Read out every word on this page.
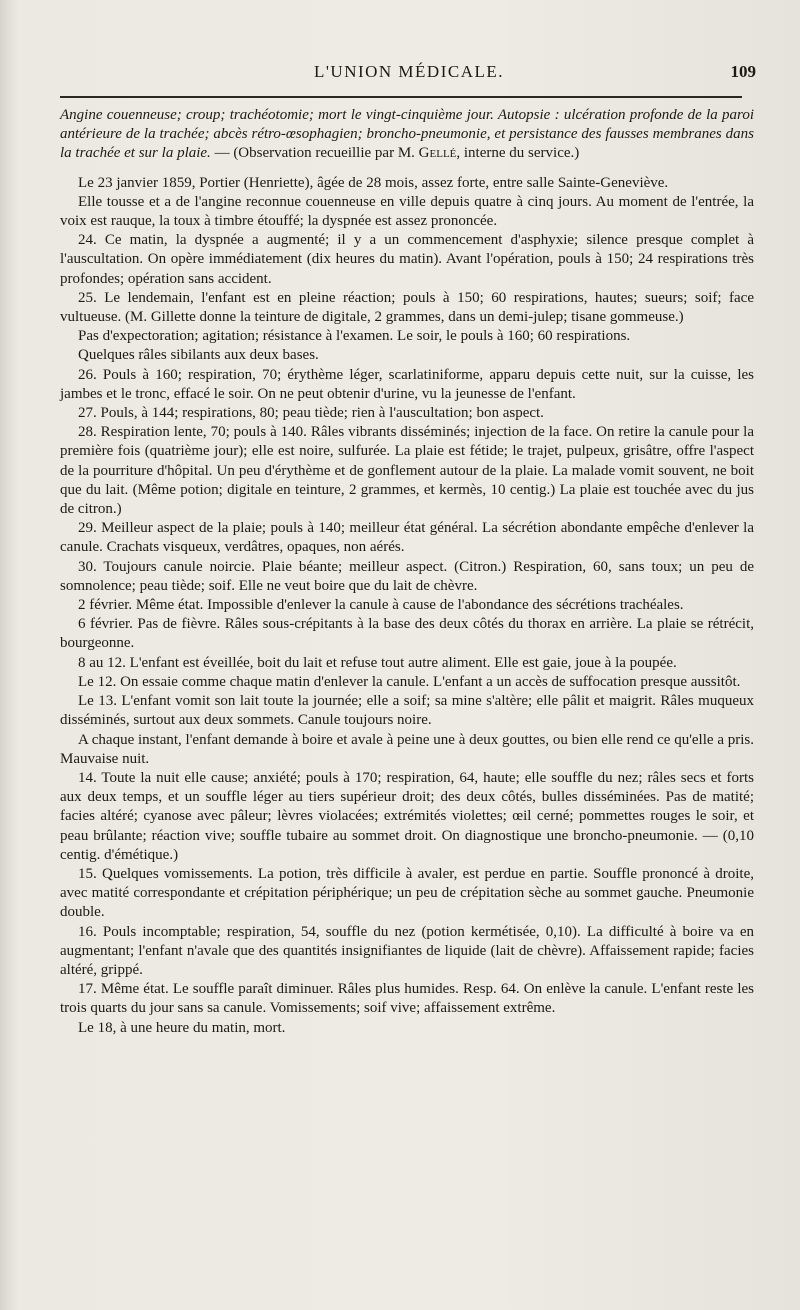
L'UNION MÉDICALE.	109

Angine couenneuse; croup; trachéotomie; mort le vingt-cinquième jour. Autopsie : ulcération profonde de la paroi antérieure de la trachée; abcès rétro-œsophagien; broncho-pneumonie, et persistance des fausses membranes dans la trachée et sur la plaie. — (Observation recueillie par M. Gellé, interne du service.)

Le 23 janvier 1859, Portier (Henriette), âgée de 28 mois, assez forte, entre salle Sainte-Geneviève.

Elle tousse et a de l'angine reconnue couenneuse en ville depuis quatre à cinq jours. Au moment de l'entrée, la voix est rauque, la toux à timbre étouffé; la dyspnée est assez prononcée.

24. Ce matin, la dyspnée a augmenté; il y a un commencement d'asphyxie; silence presque complet à l'auscultation. On opère immédiatement (dix heures du matin). Avant l'opération, pouls à 150; 24 respirations très profondes; opération sans accident.

25. Le lendemain, l'enfant est en pleine réaction; pouls à 150; 60 respirations, hautes; sueurs; soif; face vultueuse. (M. Gillette donne la teinture de digitale, 2 grammes, dans un demi-julep; tisane gommeuse.)

Pas d'expectoration; agitation; résistance à l'examen. Le soir, le pouls à 160; 60 respirations.

Quelques râles sibilants aux deux bases.

26. Pouls à 160; respiration, 70; érythème léger, scarlatiniforme, apparu depuis cette nuit, sur la cuisse, les jambes et le tronc, effacé le soir. On ne peut obtenir d'urine, vu la jeunesse de l'enfant.

27. Pouls, à 144; respirations, 80; peau tiède; rien à l'auscultation; bon aspect.

28. Respiration lente, 70; pouls à 140. Râles vibrants disséminés; injection de la face. On retire la canule pour la première fois (quatrième jour); elle est noire, sulfurée. La plaie est fétide; le trajet, pulpeux, grisâtre, offre l'aspect de la pourriture d'hôpital. Un peu d'érythème et de gonflement autour de la plaie. La malade vomit souvent, ne boit que du lait. (Même potion; digitale en teinture, 2 grammes, et kermès, 10 centig.) La plaie est touchée avec du jus de citron.)

29. Meilleur aspect de la plaie; pouls à 140; meilleur état général. La sécrétion abondante empêche d'enlever la canule. Crachats visqueux, verdâtres, opaques, non aérés.

30. Toujours canule noircie. Plaie béante; meilleur aspect. (Citron.) Respiration, 60, sans toux; un peu de somnolence; peau tiède; soif. Elle ne veut boire que du lait de chèvre.

2 février. Même état. Impossible d'enlever la canule à cause de l'abondance des sécrétions trachéales.

6 février. Pas de fièvre. Râles sous-crépitants à la base des deux côtés du thorax en arrière. La plaie se rétrécit, bourgeonne.

8 au 12. L'enfant est éveillée, boit du lait et refuse tout autre aliment. Elle est gaie, joue à la poupée.

Le 12. On essaie comme chaque matin d'enlever la canule. L'enfant a un accès de suffocation presque aussitôt.

Le 13. L'enfant vomit son lait toute la journée; elle a soif; sa mine s'altère; elle pâlit et maigrit. Râles muqueux disséminés, surtout aux deux sommets. Canule toujours noire.

A chaque instant, l'enfant demande à boire et avale à peine une à deux gouttes, ou bien elle rend ce qu'elle a pris. Mauvaise nuit.

14. Toute la nuit elle cause; anxiété; pouls à 170; respiration, 64, haute; elle souffle du nez; râles secs et forts aux deux temps, et un souffle léger au tiers supérieur droit; des deux côtés, bulles disséminées. Pas de matité; facies altéré; cyanose avec pâleur; lèvres violacées; extrémités violettes; œil cerné; pommettes rouges le soir, et peau brûlante; réaction vive; souffle tubaire au sommet droit. On diagnostique une broncho-pneumonie. — (0,10 centig. d'émétique.)

15. Quelques vomissements. La potion, très difficile à avaler, est perdue en partie. Souffle prononcé à droite, avec matité correspondante et crépitation périphérique; un peu de crépitation sèche au sommet gauche. Pneumonie double.

16. Pouls incomptable; respiration, 54, souffle du nez (potion kermétisée, 0,10). La difficulté à boire va en augmentant; l'enfant n'avale que des quantités insignifiantes de liquide (lait de chèvre). Affaissement rapide; facies altéré, grippé.

17. Même état. Le souffle paraît diminuer. Râles plus humides. Resp. 64. On enlève la canule. L'enfant reste les trois quarts du jour sans sa canule. Vomissements; soif vive; affaissement extrême.

Le 18, à une heure du matin, mort.
